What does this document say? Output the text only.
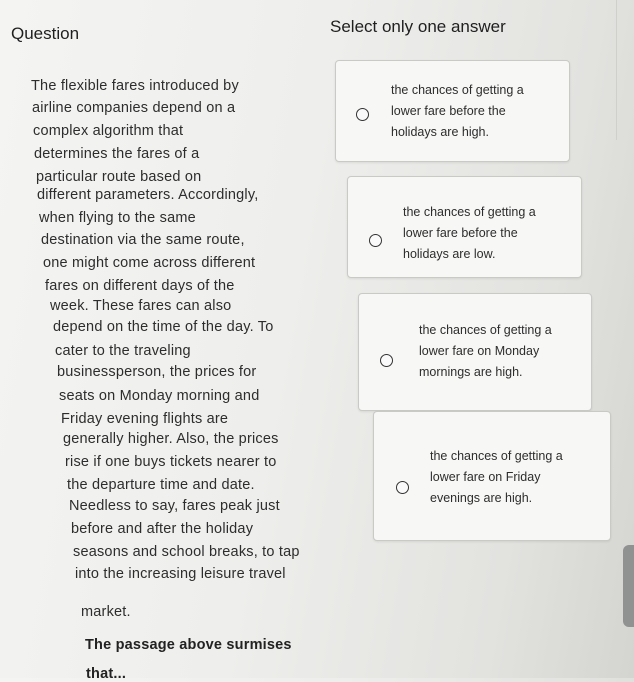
Question	Select only one answer
The flexible fares introduced by
airline companies depend on a
complex algorithm that
determines the fares of a
particular route based on
different parameters. Accordingly,
when flying to the same
destination via the same route,
one might come across different
fares on different days of the
week. These fares can also
depend on the time of the day. To
cater to the traveling
businessperson, the prices for
seats on Monday morning and
Friday evening flights are
generally higher. Also, the prices
rise if one buys tickets nearer to
the departure time and date.
Needless to say, fares peak just
before and after the holiday
seasons and school breaks, to tap
into the increasing leisure travel
market.
The passage above surmises
that...
the chances of getting a
lower fare before the
holidays are high.
the chances of getting a
lower fare before the
holidays are low.
the chances of getting a
lower fare on Monday
mornings are high.
the chances of getting a
lower fare on Friday
evenings are high.
